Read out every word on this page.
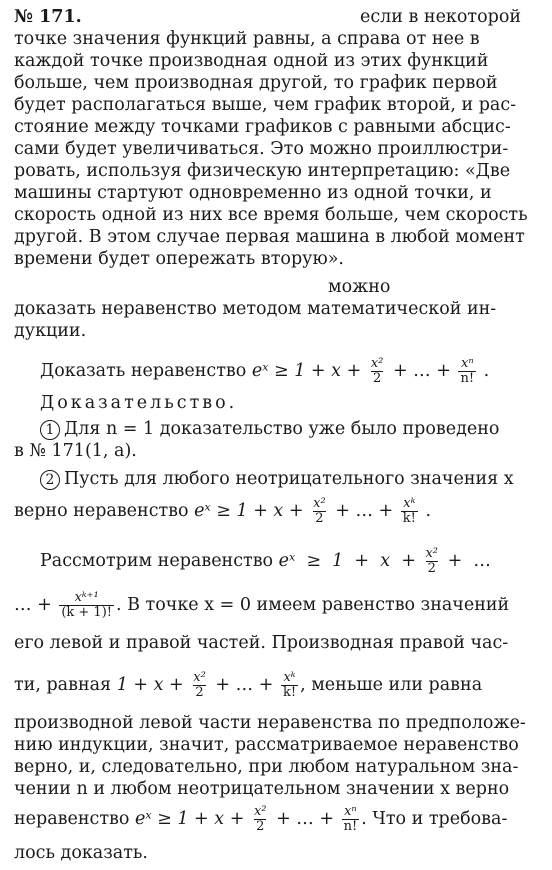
№ 171.	если в некоторой
точке значения функций равны, а справа от нее в
каждой точке производная одной из этих функций
больше, чем производная другой, то график первой
будет располагаться выше, чем график второй, и рас-
стояние между точками графиков с равными абсцис-
сами будет увеличиваться. Это можно проиллюстри-
ровать, используя физическую интерпретацию: «Две
машины стартуют одновременно из одной точки, и
скорость одной из них все время больше, чем скорость
другой. В этом случае первая машина в любой момент
времени будет опережать вторую».
можно
доказать неравенство методом математической ин-
дукции.
Доказать неравенство eˣ ≥ $1 + x + \frac{\text{x²}}{2}$ + … + $\frac{\text{xⁿ}}{n!}$ .
Доказательство.
1 Для n = 1 доказательство уже было проведено
в № 171(1, а).
2 Пусть для любого неотрицательного значения x
верно неравенство eˣ ≥ $1 + x + \frac{\text{x²}}{2}$ + … + $\frac{\text{xᵏ}}{k!}$ .
Рассмотрим неравенство eˣ  ≥  $1 + x + \frac{\text{x²}}{2}$ +  …
… + $\frac{\text{xᵏ⁺¹}}{(k + 1)!}$ . В точке x = 0 имеем равенство значений
его левой и правой частей. Производная правой час-
ти, равная $1 + x + \frac{\text{x²}}{2}$ + … + $\frac{\text{xᵏ}}{k!}$ , меньше или равна
производной левой части неравенства по предположе-
нию индукции, значит, рассматриваемое неравенство
верно, и, следовательно, при любом натуральном зна-
чении n и любом неотрицательном значении x верно
неравенство eˣ ≥ $1 + x + \frac{\text{x²}}{2}$ + … + $\frac{\text{xⁿ}}{n!}$ . Что и требова-
лось доказать.
